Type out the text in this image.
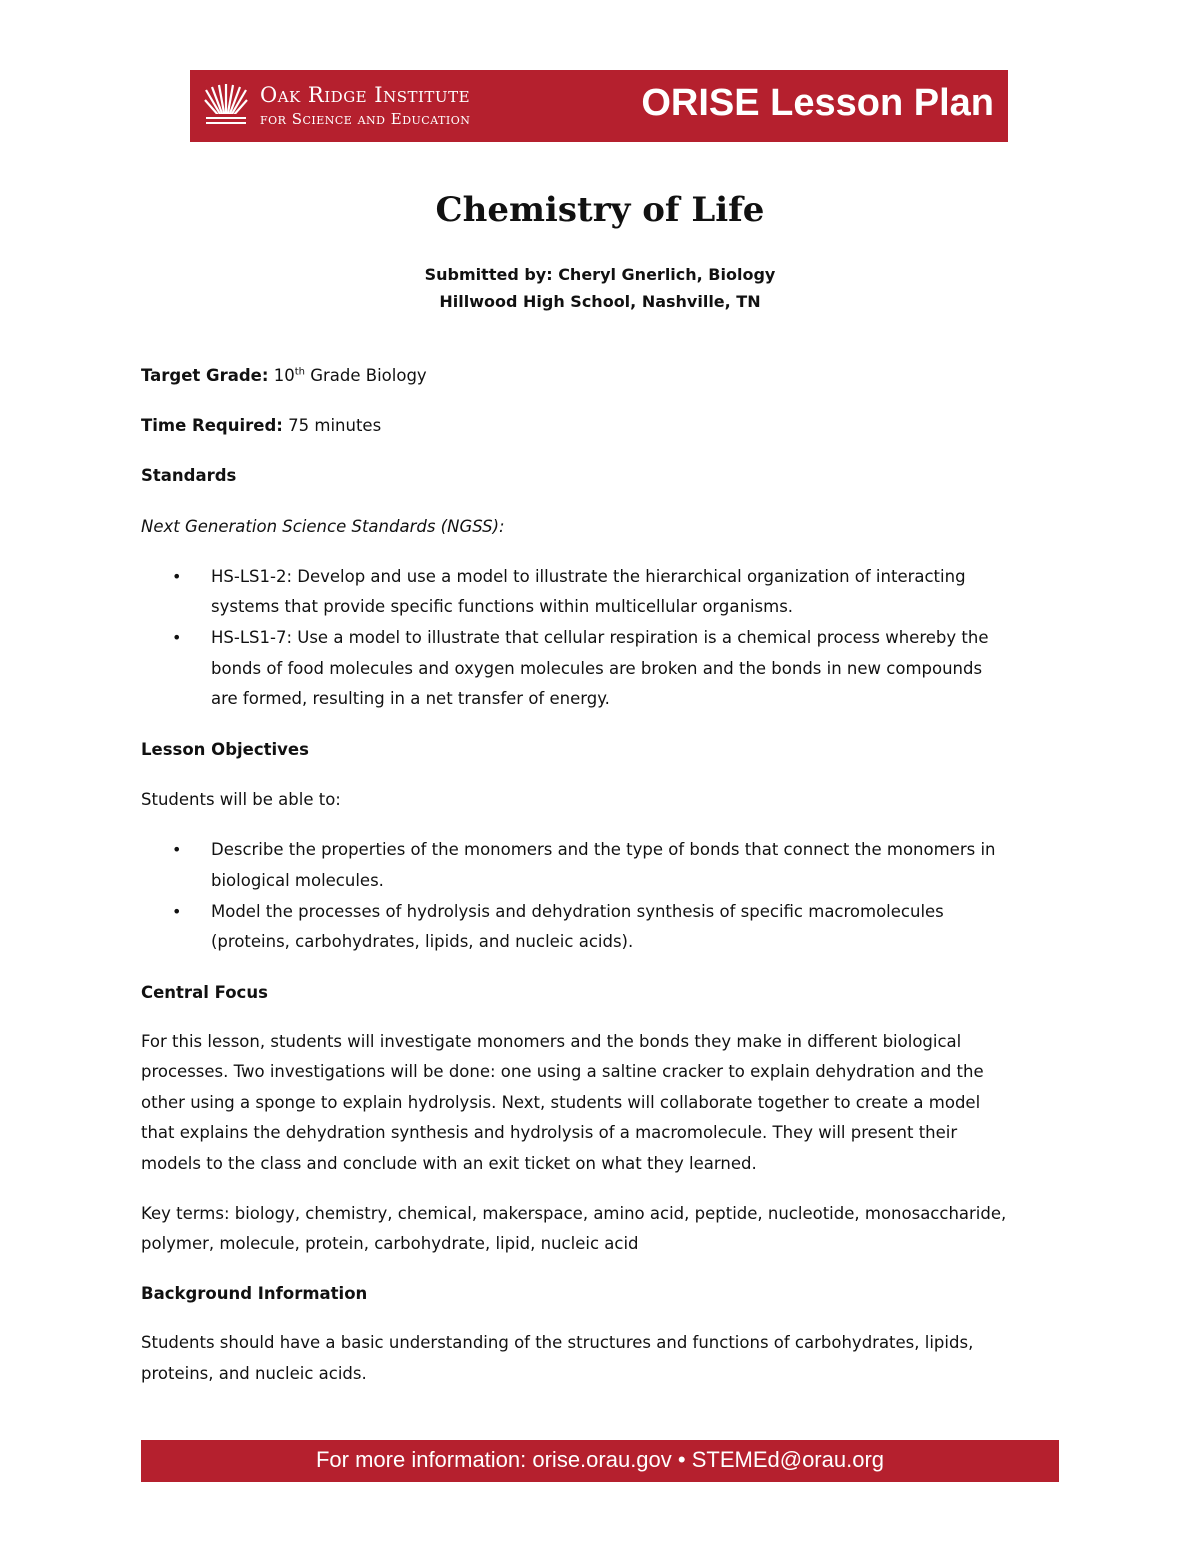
Oak Ridge Institute
for Science and Education	ORISE Lesson Plan
Chemistry of Life
Submitted by: Cheryl Gnerlich, Biology
Hillwood High School, Nashville, TN
Target Grade: 10th Grade Biology
Time Required: 75 minutes
Standards
Next Generation Science Standards (NGSS):
• HS-LS1-2: Develop and use a model to illustrate the hierarchical organization of interacting
systems that provide specific functions within multicellular organisms.
• HS-LS1-7: Use a model to illustrate that cellular respiration is a chemical process whereby the
bonds of food molecules and oxygen molecules are broken and the bonds in new compounds
are formed, resulting in a net transfer of energy.
Lesson Objectives
Students will be able to:
• Describe the properties of the monomers and the type of bonds that connect the monomers in
biological molecules.
• Model the processes of hydrolysis and dehydration synthesis of specific macromolecules
(proteins, carbohydrates, lipids, and nucleic acids).
Central Focus
For this lesson, students will investigate monomers and the bonds they make in different biological
processes. Two investigations will be done: one using a saltine cracker to explain dehydration and the
other using a sponge to explain hydrolysis. Next, students will collaborate together to create a model
that explains the dehydration synthesis and hydrolysis of a macromolecule. They will present their
models to the class and conclude with an exit ticket on what they learned.
Key terms: biology, chemistry, chemical, makerspace, amino acid, peptide, nucleotide, monosaccharide,
polymer, molecule, protein, carbohydrate, lipid, nucleic acid
Background Information
Students should have a basic understanding of the structures and functions of carbohydrates, lipids,
proteins, and nucleic acids.
For more information: orise.orau.gov • STEMEd@orau.org
